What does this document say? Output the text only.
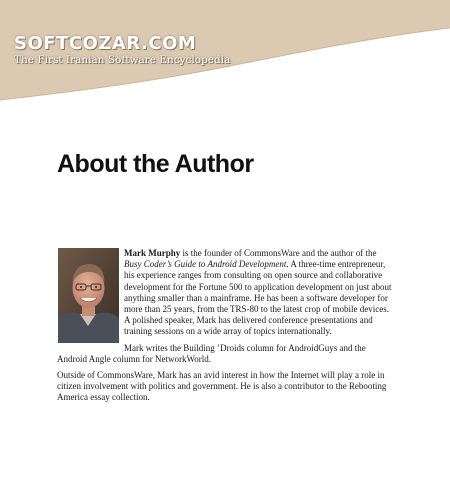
SOFTCOZAR.COM
The First Iranian Software Encyclopedia
About the Author

Mark Murphy is the founder of CommonsWare and the author of the Busy Coder’s Guide to Android Development. A three-time entrepreneur, his experience ranges from consulting on open source and collaborative development for the Fortune 500 to application development on just about anything smaller than a mainframe. He has been a software developer for more than 25 years, from the TRS-80 to the latest crop of mobile devices. A polished speaker, Mark has delivered conference presentations and training sessions on a wide array of topics internationally.

Mark writes the Building ’Droids column for AndroidGuys and the Android Angle column for NetworkWorld.

Outside of CommonsWare, Mark has an avid interest in how the Internet will play a role in citizen involvement with politics and government. He is also a contributor to the Rebooting America essay collection.
